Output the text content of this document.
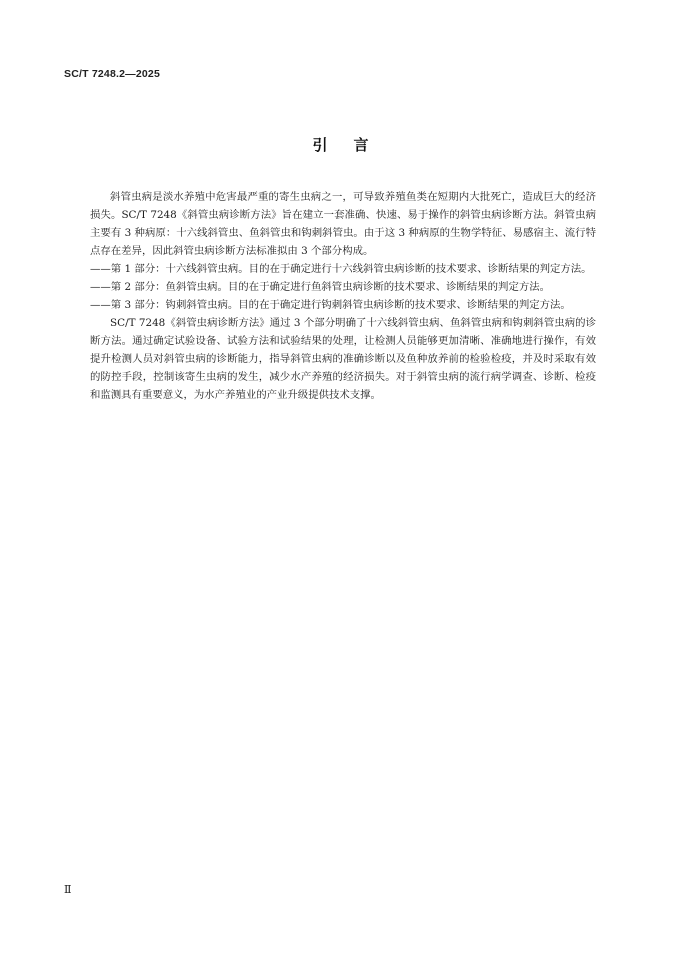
SC/T 7248.2—2025
引言

斜管虫病是淡水养殖中危害最严重的寄生虫病之一，可导致养殖鱼类在短期内大批死亡，造成巨大的经济损失。SC/T 7248《斜管虫病诊断方法》旨在建立一套准确、快速、易于操作的斜管虫病诊断方法。斜管虫病主要有 3 种病原：十六线斜管虫、鱼斜管虫和钩刺斜管虫。由于这 3 种病原的生物学特征、易感宿主、流行特点存在差异，因此斜管虫病诊断方法标准拟由 3 个部分构成。

——第 1 部分：十六线斜管虫病。目的在于确定进行十六线斜管虫病诊断的技术要求、诊断结果的判定方法。

——第 2 部分：鱼斜管虫病。目的在于确定进行鱼斜管虫病诊断的技术要求、诊断结果的判定方法。

——第 3 部分：钩刺斜管虫病。目的在于确定进行钩刺斜管虫病诊断的技术要求、诊断结果的判定方法。

SC/T 7248《斜管虫病诊断方法》通过 3 个部分明确了十六线斜管虫病、鱼斜管虫病和钩刺斜管虫病的诊断方法。通过确定试验设备、试验方法和试验结果的处理，让检测人员能够更加清晰、准确地进行操作，有效提升检测人员对斜管虫病的诊断能力，指导斜管虫病的准确诊断以及鱼种放养前的检验检疫，并及时采取有效的防控手段，控制该寄生虫病的发生，减少水产养殖的经济损失。对于斜管虫病的流行病学调查、诊断、检疫和监测具有重要意义，为水产养殖业的产业升级提供技术支撑。

Ⅱ
